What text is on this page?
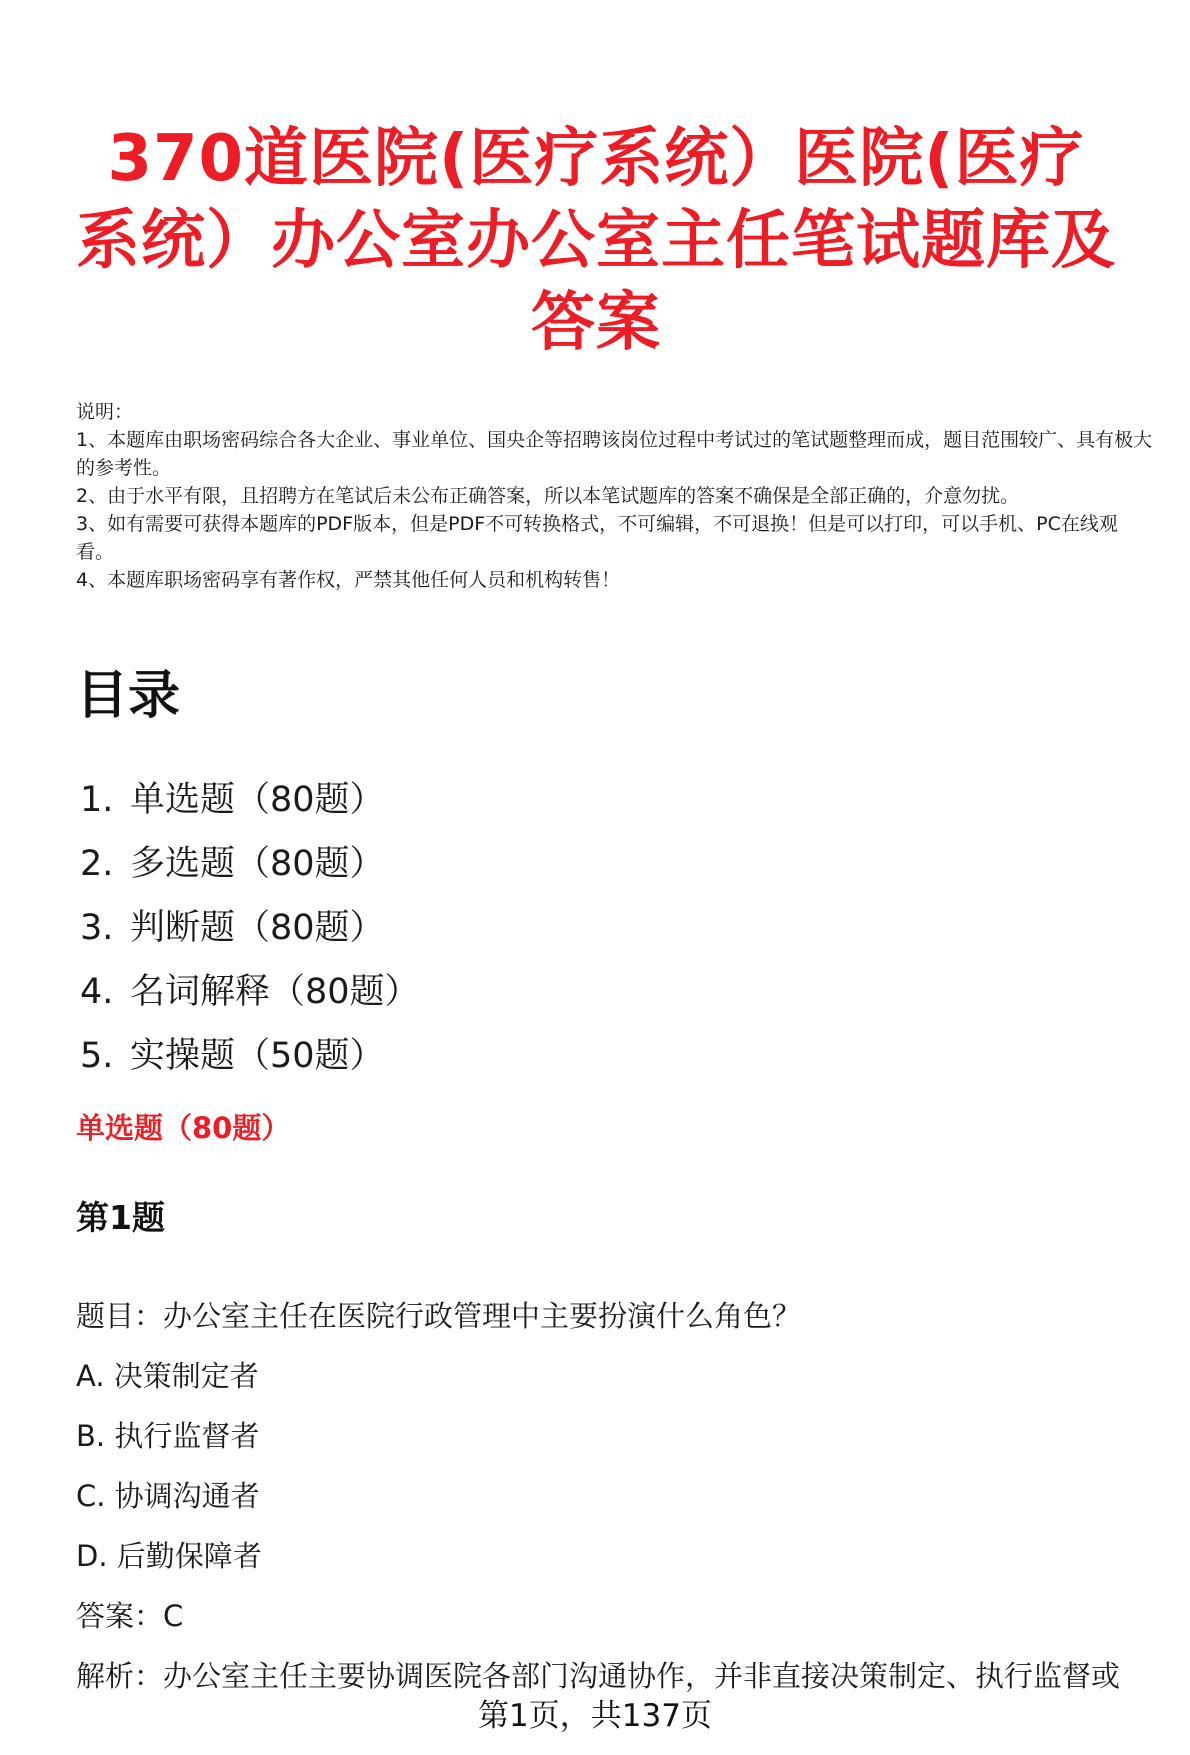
370道医院(医疗系统）医院(医疗系统）办公室办公室主任笔试题库及答案

说明：

1、本题库由职场密码综合各大企业、事业单位、国央企等招聘该岗位过程中考试过的笔试题整理而成，题目范围较广、具有极大的参考性。

2、由于水平有限，且招聘方在笔试后未公布正确答案，所以本笔试题库的答案不确保是全部正确的，介意勿扰。

3、如有需要可获得本题库的PDF版本，但是PDF不可转换格式，不可编辑，不可退换！但是可以打印，可以手机、PC在线观看。

4、本题库职场密码享有著作权，严禁其他任何人员和机构转售！

目录
1. 单选题（80题）
2. 多选题（80题）
3. 判断题（80题）
4. 名词解释（80题）
5. 实操题（50题）
单选题（80题）
第1题

题目：办公室主任在医院行政管理中主要扮演什么角色？

A. 决策制定者

B. 执行监督者

C. 协调沟通者

D. 后勤保障者

答案：C

解析：办公室主任主要协调医院各部门沟通协作，并非直接决策制定、执行监督或

第1页，共137页
